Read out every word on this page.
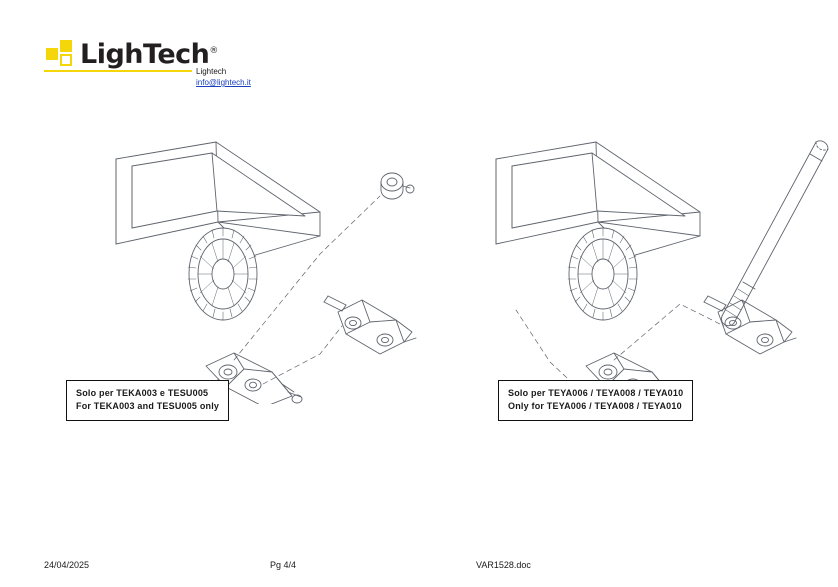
LighTech®
Lightech
info@lightech.it
Solo per TEKA003 e TESU005
For TEKA003 and TESU005 only
Solo per TEYA006 / TEYA008 / TEYA010
Only for TEYA006 / TEYA008 / TEYA010
24/04/2025	Pg 4/4	VAR1528.doc
